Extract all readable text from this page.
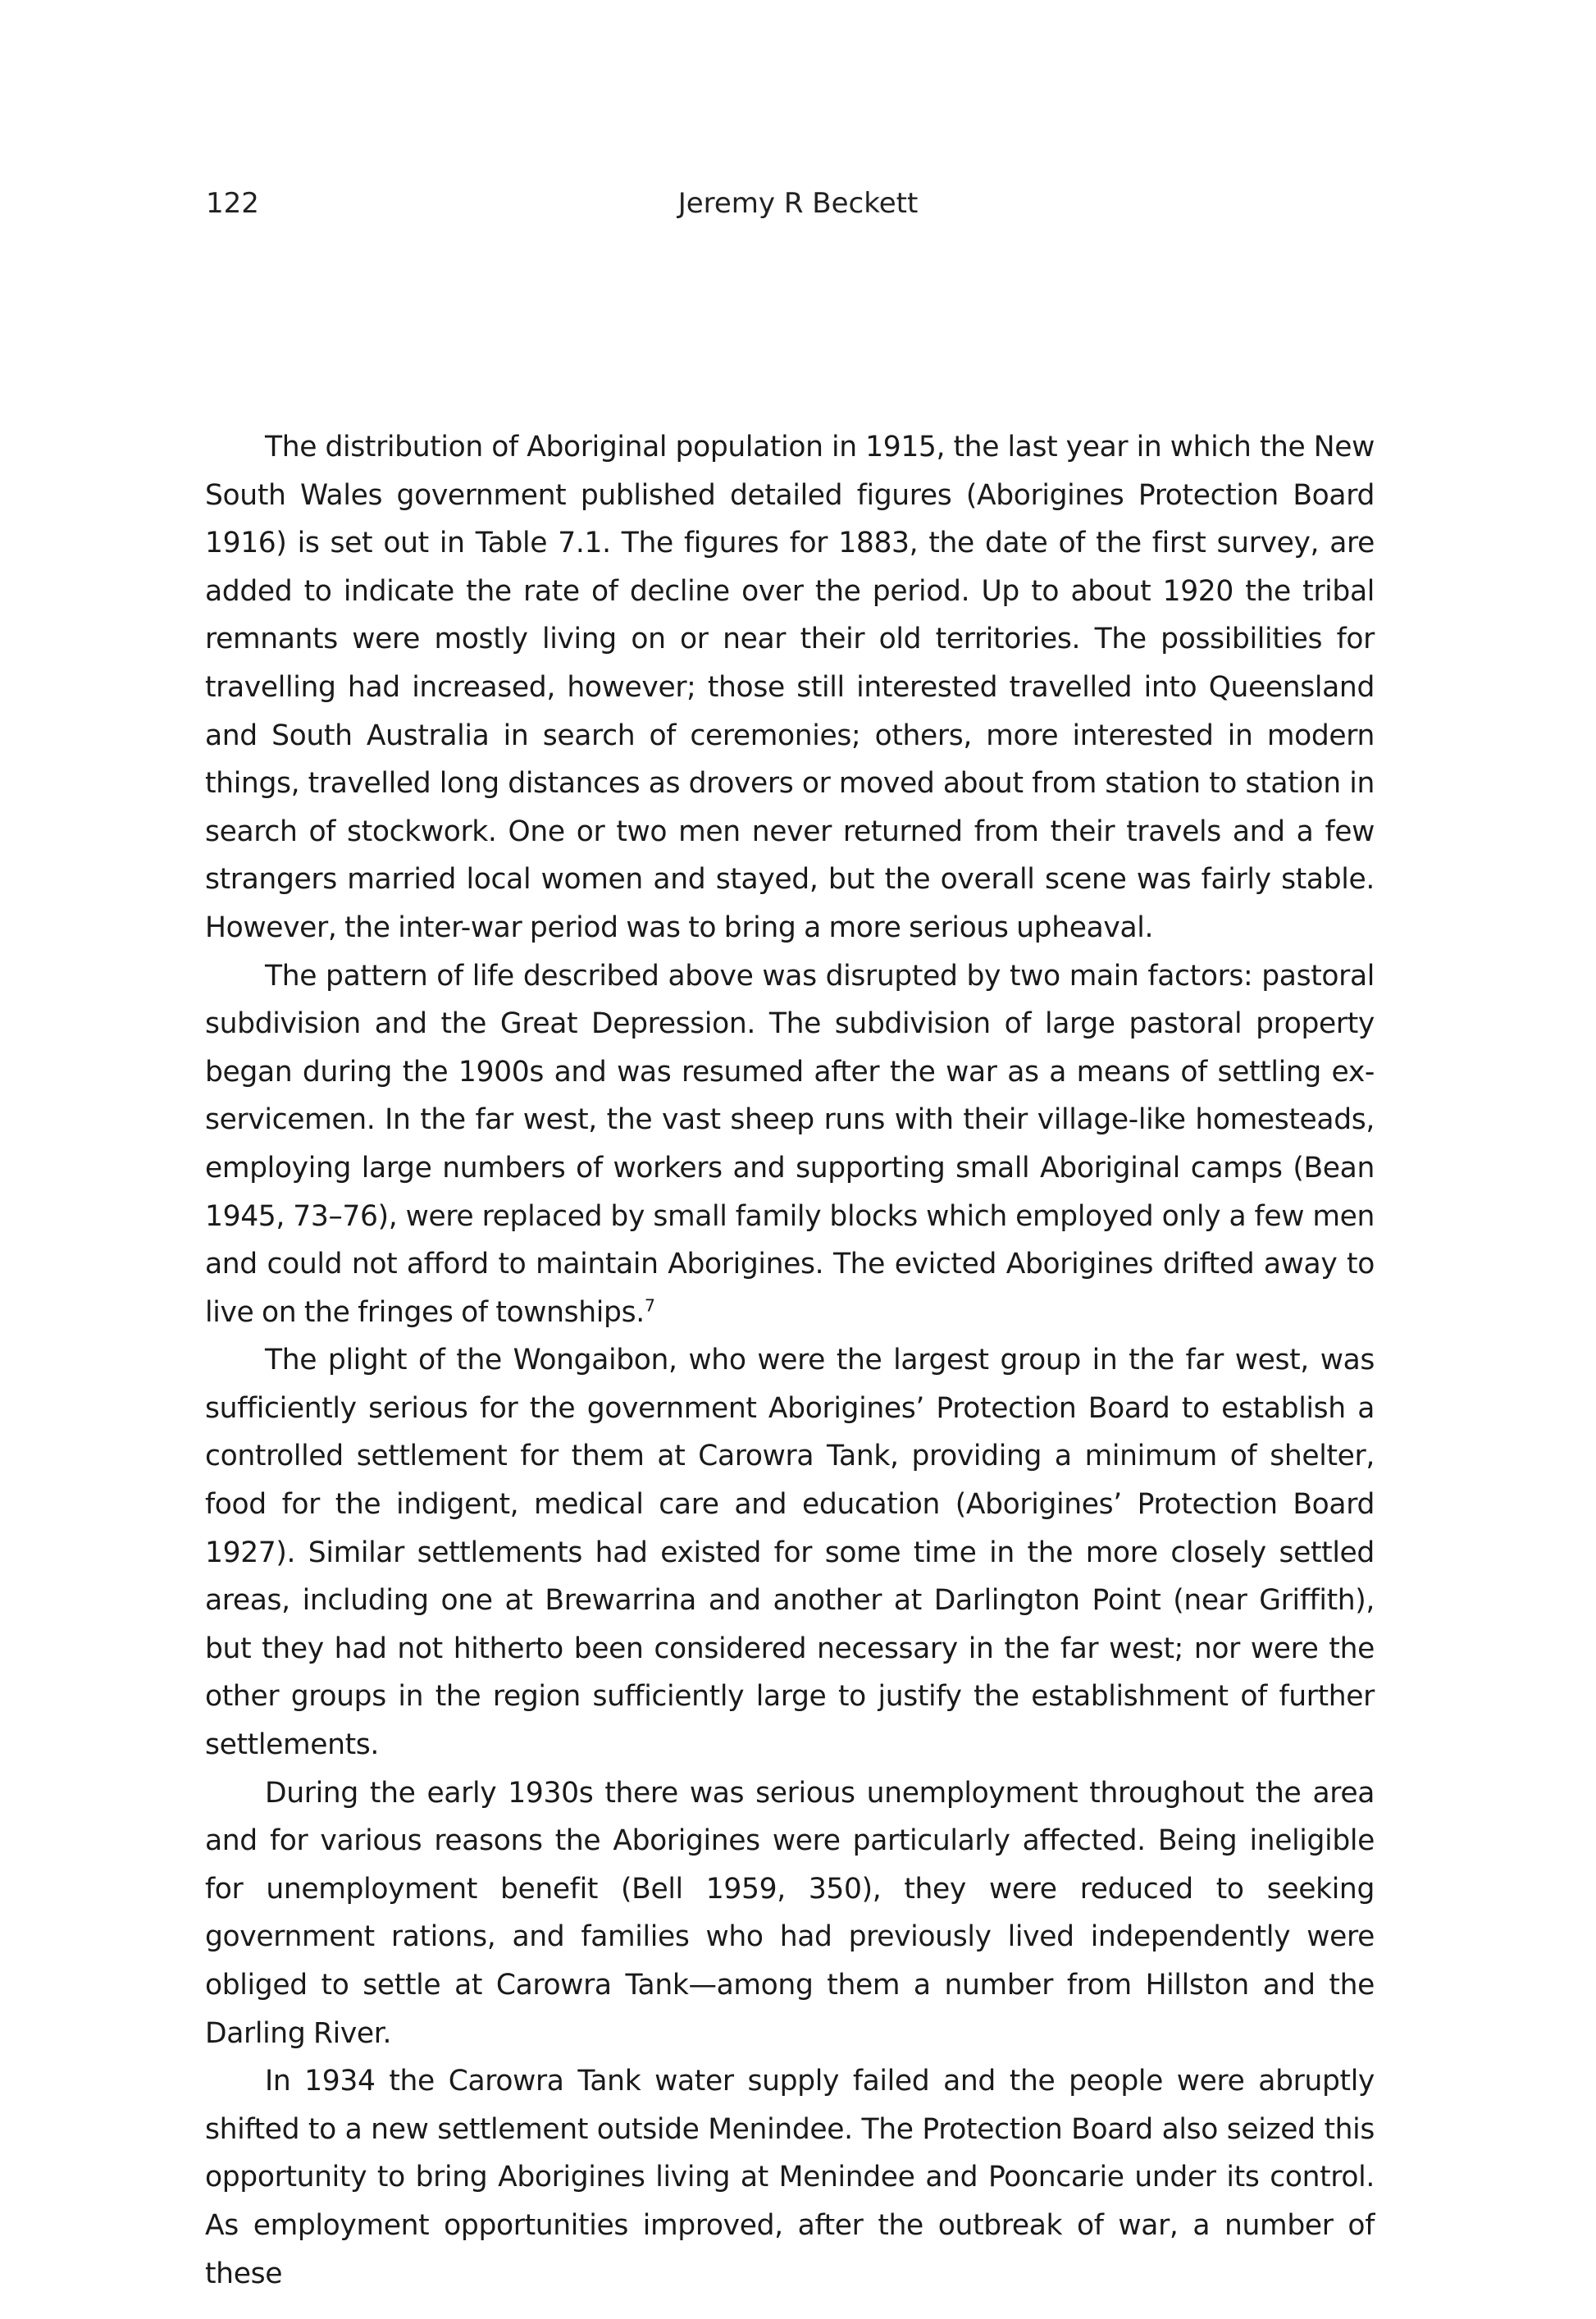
122	Jeremy R Beckett

The distribution of Aboriginal population in 1915, the last year in which the New South Wales government published detailed figures (Aborigines Protection Board 1916) is set out in Table 7.1. The figures for 1883, the date of the first survey, are added to indicate the rate of decline over the period. Up to about 1920 the tribal remnants were mostly living on or near their old territories. The possibilities for travelling had increased, however; those still interested travelled into Queensland and South Australia in search of ceremonies; others, more interested in modern things, travelled long distances as drovers or moved about from station to station in search of stockwork. One or two men never returned from their travels and a few strangers married local women and stayed, but the overall scene was fairly stable. However, the inter-war period was to bring a more serious upheaval.

The pattern of life described above was disrupted by two main factors: pastoral subdivision and the Great Depression. The subdivision of large pastoral property began during the 1900s and was resumed after the war as a means of settling ex-servicemen. In the far west, the vast sheep runs with their village-like homesteads, employing large numbers of workers and supporting small Aboriginal camps (Bean 1945, 73–76), were replaced by small family blocks which employed only a few men and could not afford to maintain Aborigines. The evicted Aborigines drifted away to live on the fringes of townships.$^7$

The plight of the Wongaibon, who were the largest group in the far west, was sufficiently serious for the government Aborigines’ Protection Board to establish a controlled settlement for them at Carowra Tank, providing a minimum of shelter, food for the indigent, medical care and education (Aborigines’ Protection Board 1927). Similar settlements had existed for some time in the more closely settled areas, including one at Brewarrina and another at Darlington Point (near Griffith), but they had not hitherto been considered necessary in the far west; nor were the other groups in the region sufficiently large to justify the establishment of further settlements.

During the early 1930s there was serious unemployment throughout the area and for various reasons the Aborigines were particularly affected. Being ineligible for unemployment benefit (Bell 1959, 350), they were reduced to seeking government rations, and families who had previously lived independently were obliged to settle at Carowra Tank—among them a number from Hillston and the Darling River.

In 1934 the Carowra Tank water supply failed and the people were abruptly shifted to a new settlement outside Menindee. The Protection Board also seized this opportunity to bring Aborigines living at Menindee and Pooncarie under its control. As employment opportunities improved, after the outbreak of war, a number of these
